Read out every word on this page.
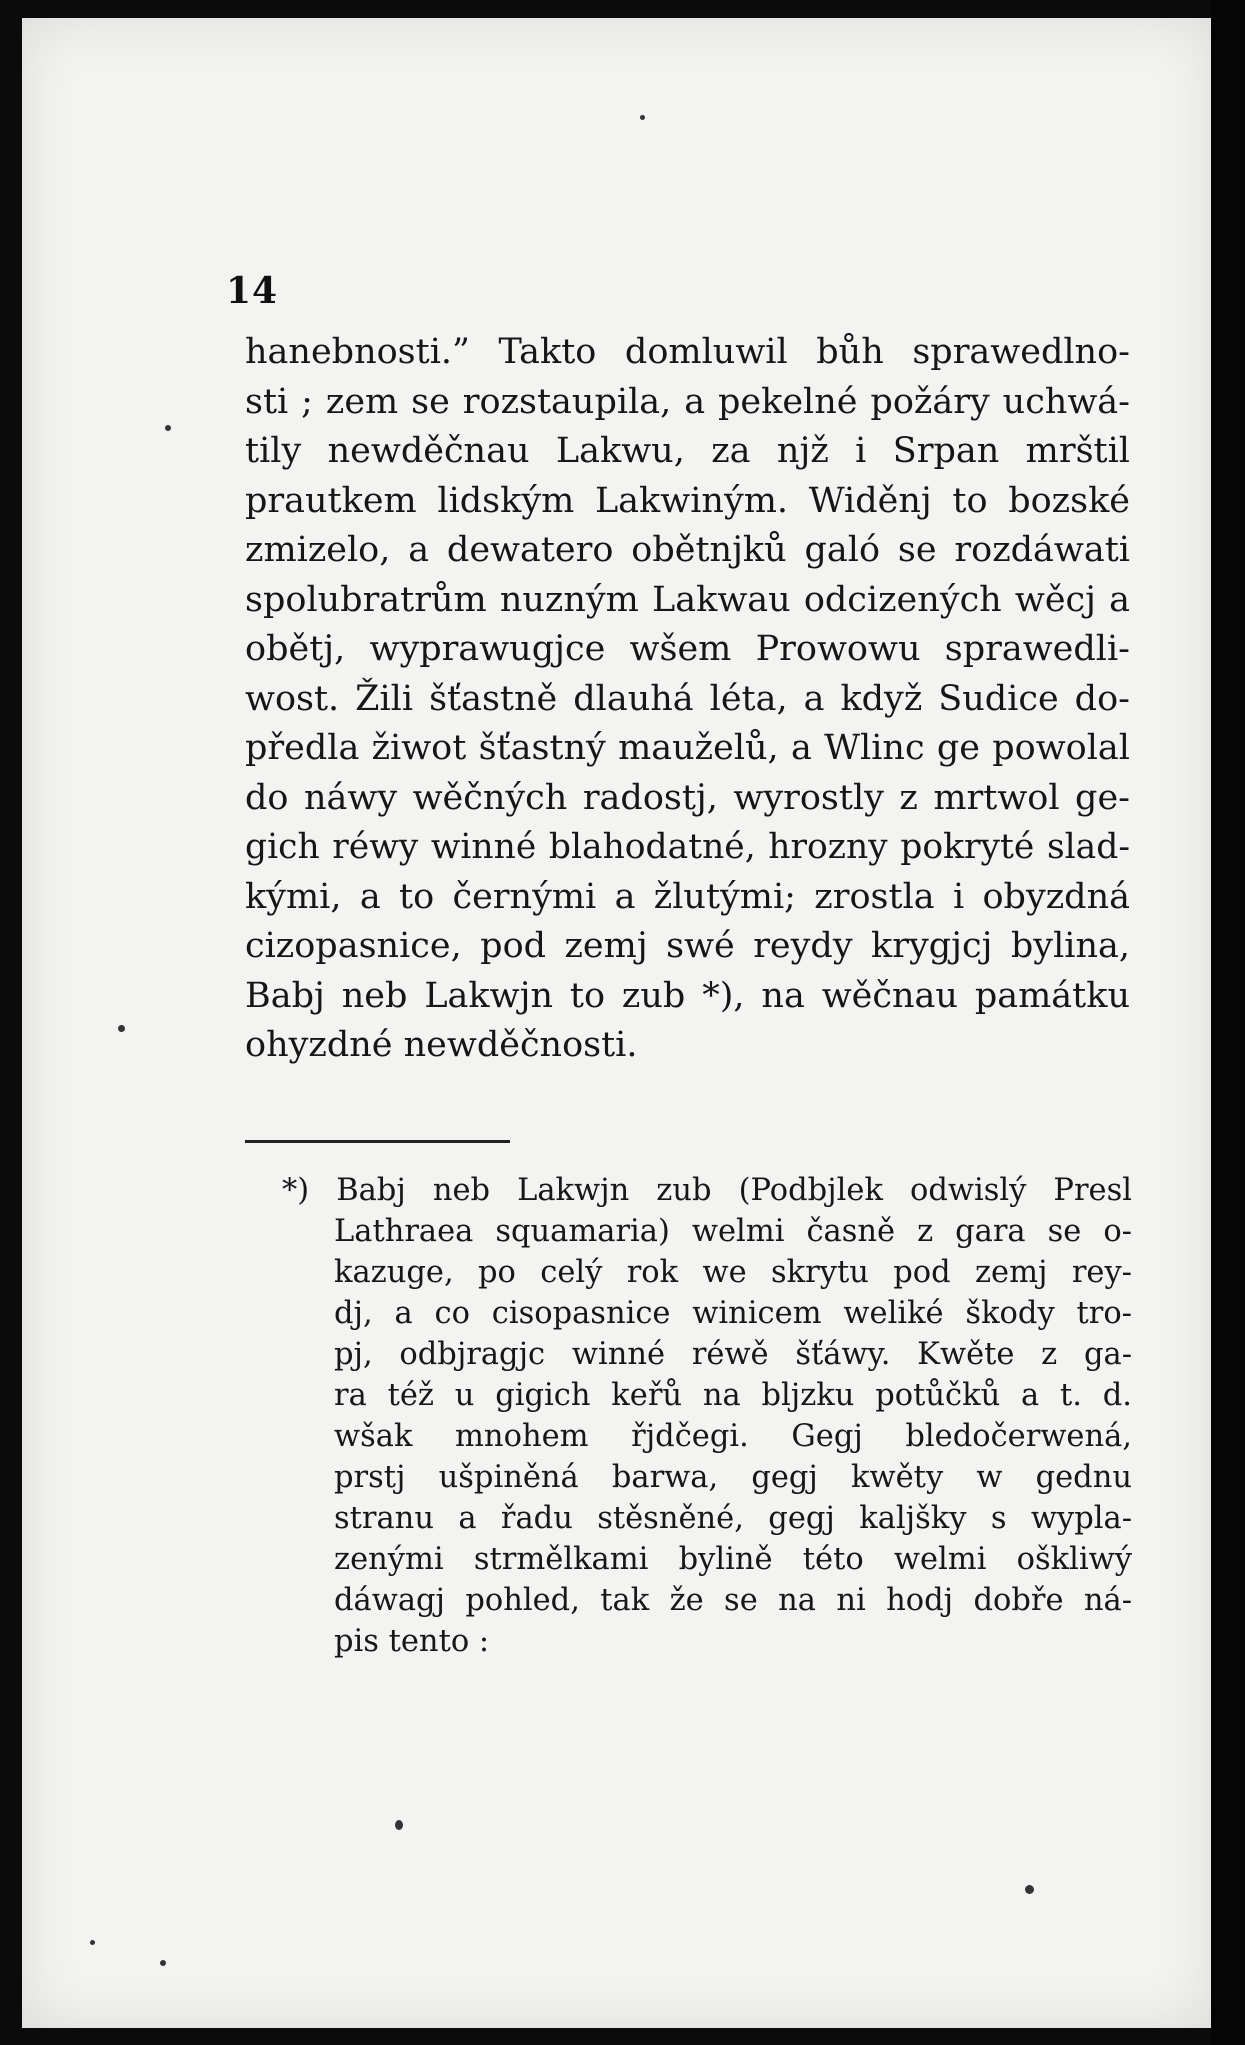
14
hanebnosti.” Takto domluwil bůh sprawedlno-
sti ; zem se rozstaupila, a pekelné požáry uchwá-
tily newděčnau Lakwu, za njž i Srpan mrštil
prautkem lidským Lakwiným. Widěnj to bozské
zmizelo, a dewatero obětnjků galó se rozdáwati
spolubratrům nuzným Lakwau odcizených wěcj a
obětj, wyprawugjce wšem Prowowu sprawedli-
wost. Žili šťastně dlauhá léta, a když Sudice do-
předla žiwot šťastný mauželů, a Wlinc ge powolal
do náwy wěčných radostj, wyrostly z mrtwol ge-
gich réwy winné blahodatné, hrozny pokryté slad-
kými, a to černými a žlutými; zrostla i obyzdná
cizopasnice, pod zemj swé reydy krygjcj bylina,
Babj neb Lakwjn to zub *), na wěčnau památku
ohyzdné newděčnosti.
*) Babj neb Lakwjn zub (Podbjlek odwislý Presl
Lathraea squamaria) welmi časně z gara se o-
kazuge, po celý rok we skrytu pod zemj rey-
dj, a co cisopasnice winicem weliké škody tro-
pj, odbjragjc winné réwě šťáwy. Kwěte z ga-
ra též u gigich keřů na bljzku potůčků a t. d.
wšak mnohem řjdčegi. Gegj bledočerwená,
prstj ušpiněná barwa, gegj kwěty w gednu
stranu a řadu stěsněné, gegj kaljšky s wypla-
zenými strmělkami bylině této welmi oškliwý
dáwagj pohled, tak že se na ni hodj dobře ná-
pis tento :
